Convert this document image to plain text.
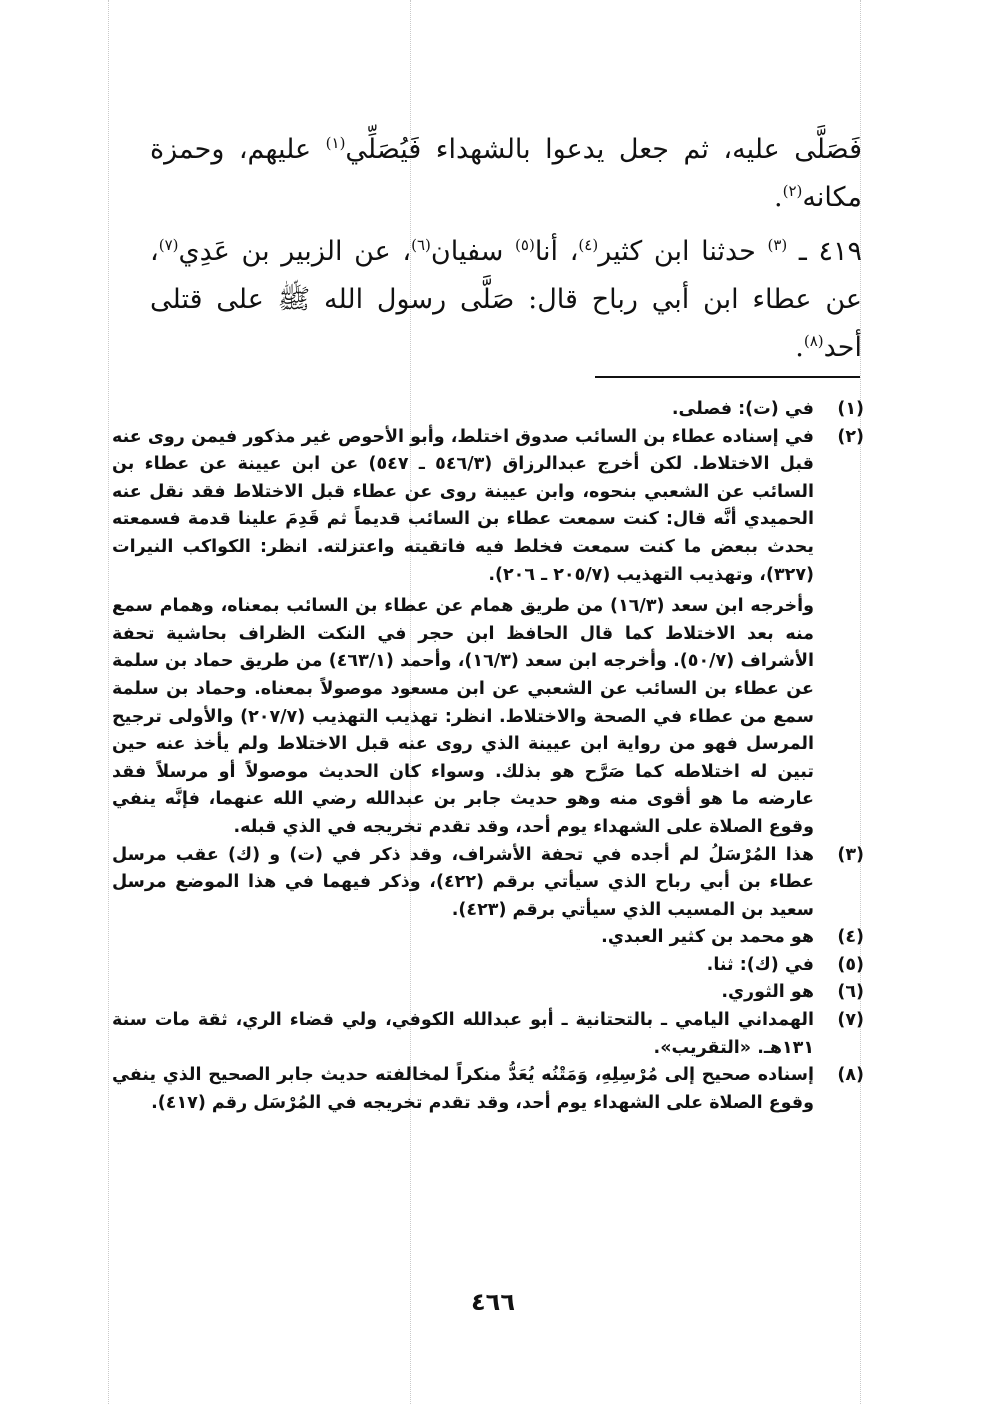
فَصَلَّى عليه، ثم جعل يدعوا بالشهداء فَيُصَلِّي$^{(١)}$ عليهم، وحمزة مكانه$^{(٢)}$.
٤١٩ ـ $^{(٣)}$ حدثنا ابن كثير$^{(٤)}$، أنا$^{(٥)}$ سفيان$^{(٦)}$، عن الزبير بن عَدِي$^{(٧)}$، عن عطاء ابن أبي رباح قال: صَلَّى رسول الله ﷺ على قتلى أحد$^{(٨)}$.
(١)

في (ت): فصلى.

(٢)

في إسناده عطاء بن السائب صدوق اختلط، وأبو الأحوص غير مذكور فيمن روى عنه قبل الاختلاط. لكن أخرج عبدالرزاق (٥٤٦/٣ ـ ٥٤٧) عن ابن عيينة عن عطاء بن السائب عن الشعبي بنحوه، وابن عيينة روى عن عطاء قبل الاختلاط فقد نقل عنه الحميدي أنَّه قال: كنت سمعت عطاء بن السائب قديماً ثم قَدِمَ علينا قدمة فسمعته يحدث ببعض ما كنت سمعت فخلط فيه فاتقيته واعتزلته. انظر: الكواكب النيرات (٣٢٧)، وتهذيب التهذيب (٢٠٥/٧ ـ ٢٠٦).

وأخرجه ابن سعد (١٦/٣) من طريق همام عن عطاء بن السائب بمعناه، وهمام سمع منه بعد الاختلاط كما قال الحافظ ابن حجر في النكت الظراف بحاشية تحفة الأشراف (٥٠/٧). وأخرجه ابن سعد (١٦/٣)، وأحمد (٤٦٣/١) من طريق حماد بن سلمة عن عطاء بن السائب عن الشعبي عن ابن مسعود موصولاً بمعناه. وحماد بن سلمة سمع من عطاء في الصحة والاختلاط. انظر: تهذيب التهذيب (٢٠٧/٧) والأولى ترجيح المرسل فهو من رواية ابن عيينة الذي روى عنه قبل الاختلاط ولم يأخذ عنه حين تبين له اختلاطه كما صَرَّح هو بذلك. وسواء كان الحديث موصولاً أو مرسلاً فقد عارضه ما هو أقوى منه وهو حديث جابر بن عبدالله رضي الله عنهما، فإنَّه ينفي وقوع الصلاة على الشهداء يوم أحد، وقد تقدم تخريجه في الذي قبله.

(٣)

هذا المُرْسَلُ لم أجده في تحفة الأشراف، وقد ذكر في (ت) و (ك) عقب مرسل عطاء بن أبي رباح الذي سيأتي برقم (٤٢٢)، وذكر فيهما في هذا الموضع مرسل سعيد بن المسيب الذي سيأتي برقم (٤٢٣).

(٤)

هو محمد بن كثير العبدي.

(٥)

في (ك): ثنا.

(٦)

هو الثوري.

(٧)

الهمداني اليامي ـ بالتحتانية ـ أبو عبدالله الكوفي، ولي قضاء الري، ثقة مات سنة ١٣١هـ. «التقريب».

(٨)

إسناده صحيح إلى مُرْسِلِهِ، وَمَتْنُه يُعَدُّ منكراً لمخالفته حديث جابر الصحيح الذي ينفي وقوع الصلاة على الشهداء يوم أحد، وقد تقدم تخريجه في المُرْسَل رقم (٤١٧).

٤٦٦
